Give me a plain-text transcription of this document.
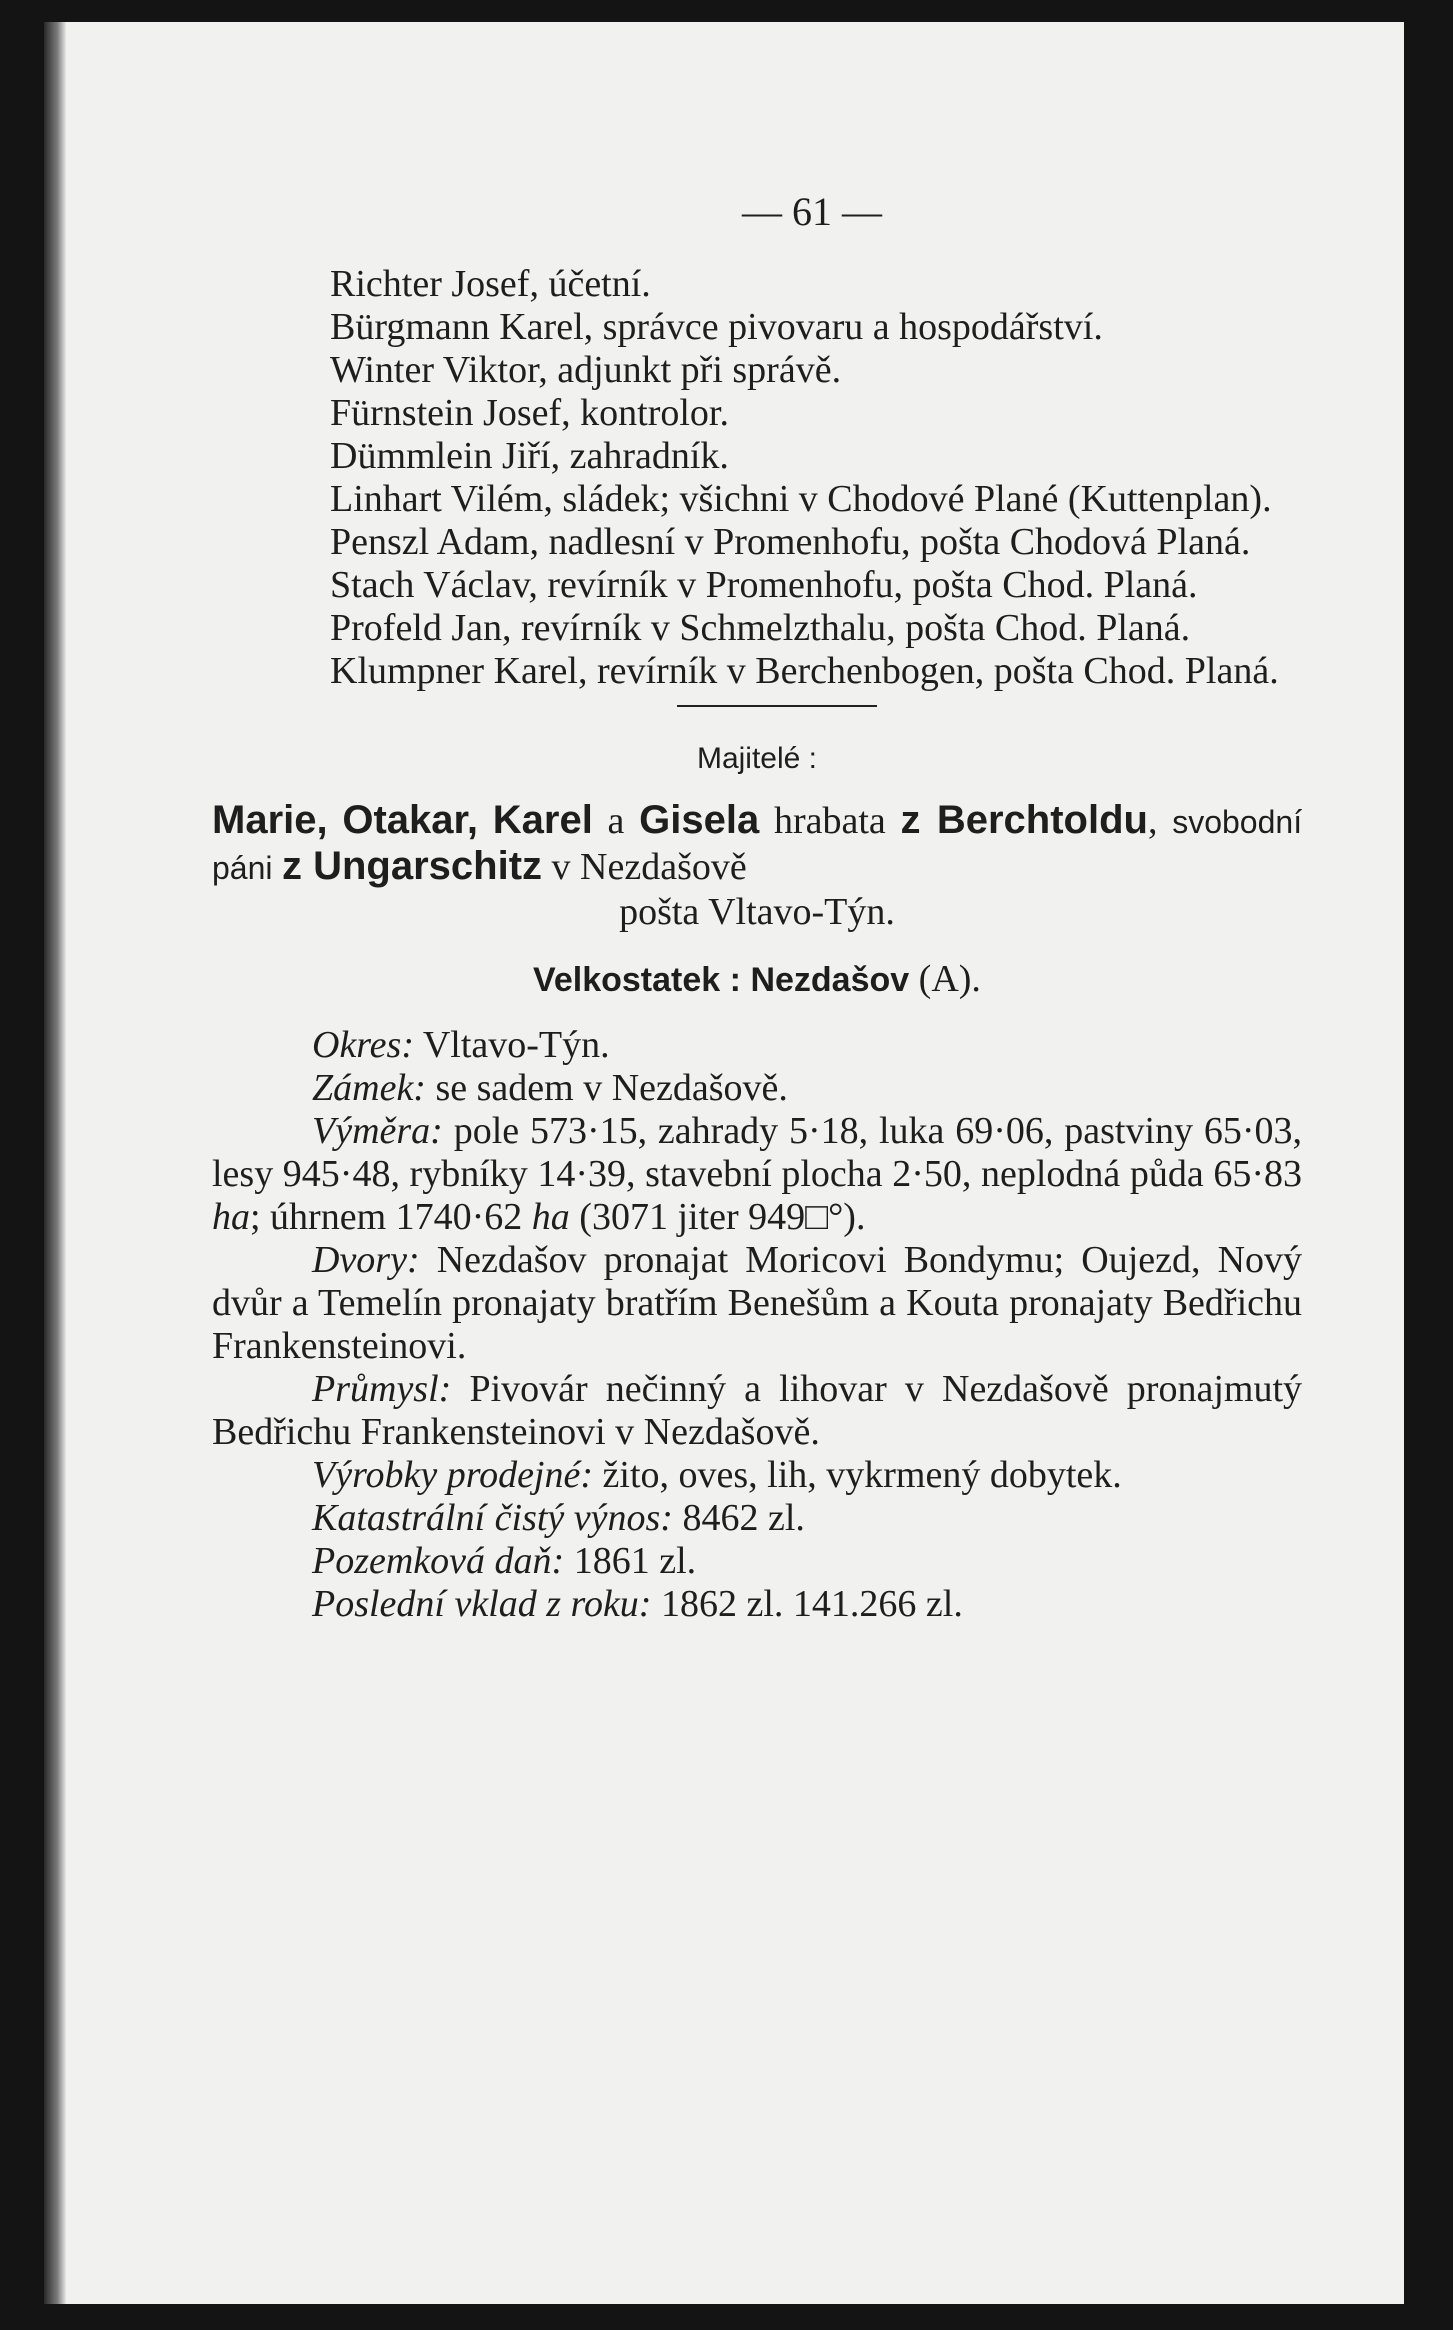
— 61 —

Richter Josef, účetní.

Bürgmann Karel, správce pivovaru a hospodářství.

Winter Viktor, adjunkt při správě.

Fürnstein Josef, kontrolor.

Dümmlein Jiří, zahradník.

Linhart Vilém, sládek; všichni v Chodové Plané (Kuttenplan).

Penszl Adam, nadlesní v Promenhofu, pošta Chodová Planá.

Stach Václav, revírník v Promenhofu, pošta Chod. Planá.

Profeld Jan, revírník v Schmelzthalu, pošta Chod. Planá.

Klumpner Karel, revírník v Berchenbogen, pošta Chod. Planá.

Majitelé :

Marie, Otakar, Karel a Gisela hrabata z Berchtoldu, svobodní páni z Ungarschitz v Nezdašově
pošta Vltavo-Týn.

Velkostatek : Nezdašov (A).

Okres: Vltavo-Týn.

Zámek: se sadem v Nezdašově.

Výměra: pole 573·15, zahrady 5·18, luka 69·06, pastviny 65·03, lesy 945·48, rybníky 14·39, stavební plocha 2·50, neplodná půda 65·83 ha; úhrnem 1740·62 ha (3071 jiter 949□°).

Dvory: Nezdašov pronajat Moricovi Bondymu; Oujezd, Nový dvůr a Temelín pronajaty bratřím Benešům a Kouta pronajaty Bedřichu Frankensteinovi.

Průmysl: Pivovár nečinný a lihovar v Nezdašově pronajmutý Bedřichu Frankensteinovi v Nezdašově.

Výrobky prodejné: žito, oves, lih, vykrmený dobytek.

Katastrální čistý výnos: 8462 zl.

Pozemková daň: 1861 zl.

Poslední vklad z roku: 1862 zl. 141.266 zl.
